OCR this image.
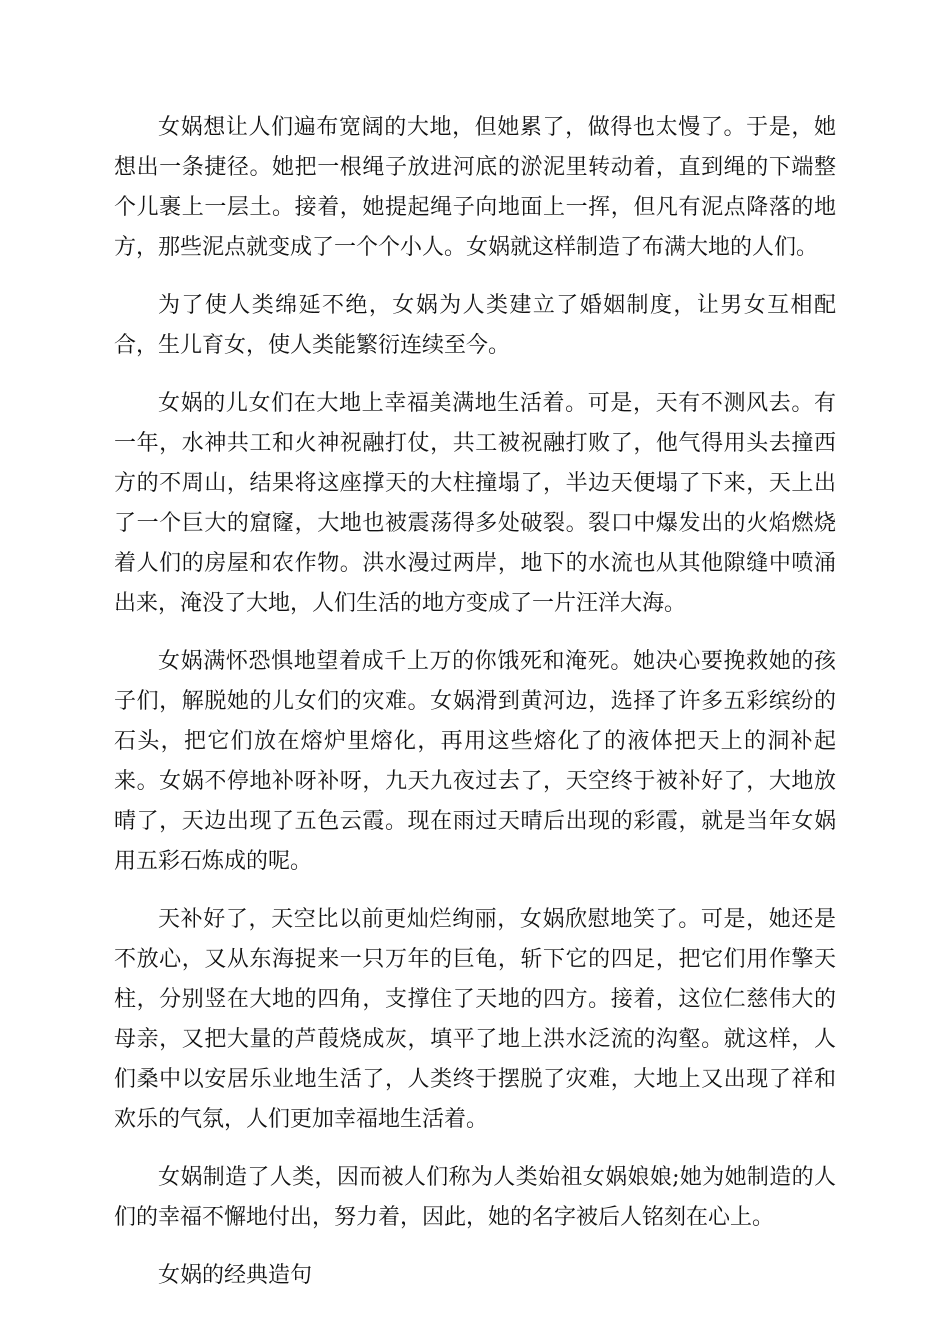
女娲想让人们遍布宽阔的大地，但她累了，做得也太慢了。于是，她想出一条捷径。她把一根绳子放进河底的淤泥里转动着，直到绳的下端整个儿裹上一层土。接着，她提起绳子向地面上一挥，但凡有泥点降落的地方，那些泥点就变成了一个个小人。女娲就这样制造了布满大地的人们。

为了使人类绵延不绝，女娲为人类建立了婚姻制度，让男女互相配合，生儿育女，使人类能繁衍连续至今。

女娲的儿女们在大地上幸福美满地生活着。可是，天有不测风去。有一年，水神共工和火神祝融打仗，共工被祝融打败了，他气得用头去撞西方的不周山，结果将这座撑天的大柱撞塌了，半边天便塌了下来，天上出了一个巨大的窟窿，大地也被震荡得多处破裂。裂口中爆发出的火焰燃烧着人们的房屋和农作物。洪水漫过两岸，地下的水流也从其他隙缝中喷涌出来，淹没了大地，人们生活的地方变成了一片汪洋大海。

女娲满怀恐惧地望着成千上万的你饿死和淹死。她决心要挽救她的孩子们，解脱她的儿女们的灾难。女娲滑到黄河边，选择了许多五彩缤纷的石头，把它们放在熔炉里熔化，再用这些熔化了的液体把天上的洞补起来。女娲不停地补呀补呀，九天九夜过去了，天空终于被补好了，大地放晴了，天边出现了五色云霞。现在雨过天晴后出现的彩霞，就是当年女娲用五彩石炼成的呢。

天补好了，天空比以前更灿烂绚丽，女娲欣慰地笑了。可是，她还是不放心，又从东海捉来一只万年的巨龟，斩下它的四足，把它们用作擎天柱，分别竖在大地的四角，支撑住了天地的四方。接着，这位仁慈伟大的母亲，又把大量的芦葭烧成灰，填平了地上洪水泛流的沟壑。就这样，人们桑中以安居乐业地生活了，人类终于摆脱了灾难，大地上又出现了祥和欢乐的气氛，人们更加幸福地生活着。

女娲制造了人类，因而被人们称为人类始祖女娲娘娘;她为她制造的人们的幸福不懈地付出，努力着，因此，她的名字被后人铭刻在心上。

女娲的经典造句
